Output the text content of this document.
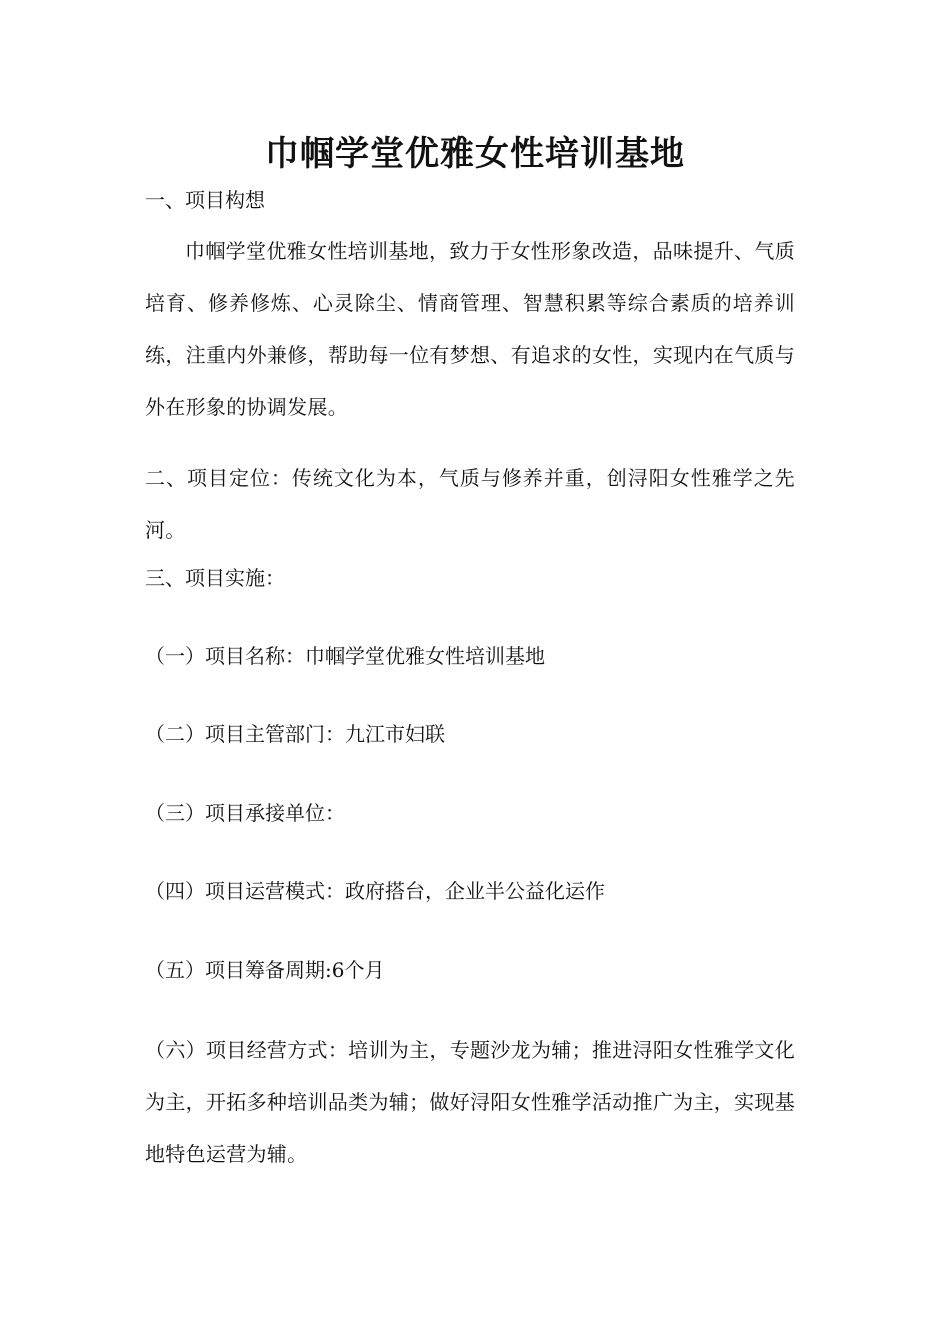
巾帼学堂优雅女性培训基地

一、项目构想

巾帼学堂优雅女性培训基地，致力于女性形象改造，品味提升、气质培育、修养修炼、心灵除尘、情商管理、智慧积累等综合素质的培养训练，注重内外兼修，帮助每一位有梦想、有追求的女性，实现内在气质与外在形象的协调发展。

二、项目定位：传统文化为本，气质与修养并重，创浔阳女性雅学之先河。

三、项目实施：

（一）项目名称：巾帼学堂优雅女性培训基地

（二）项目主管部门：九江市妇联

（三）项目承接单位：

（四）项目运营模式：政府搭台，企业半公益化运作

（五）项目筹备周期:6个月

（六）项目经营方式：培训为主，专题沙龙为辅；推进浔阳女性雅学文化为主，开拓多种培训品类为辅；做好浔阳女性雅学活动推广为主，实现基地特色运营为辅。
